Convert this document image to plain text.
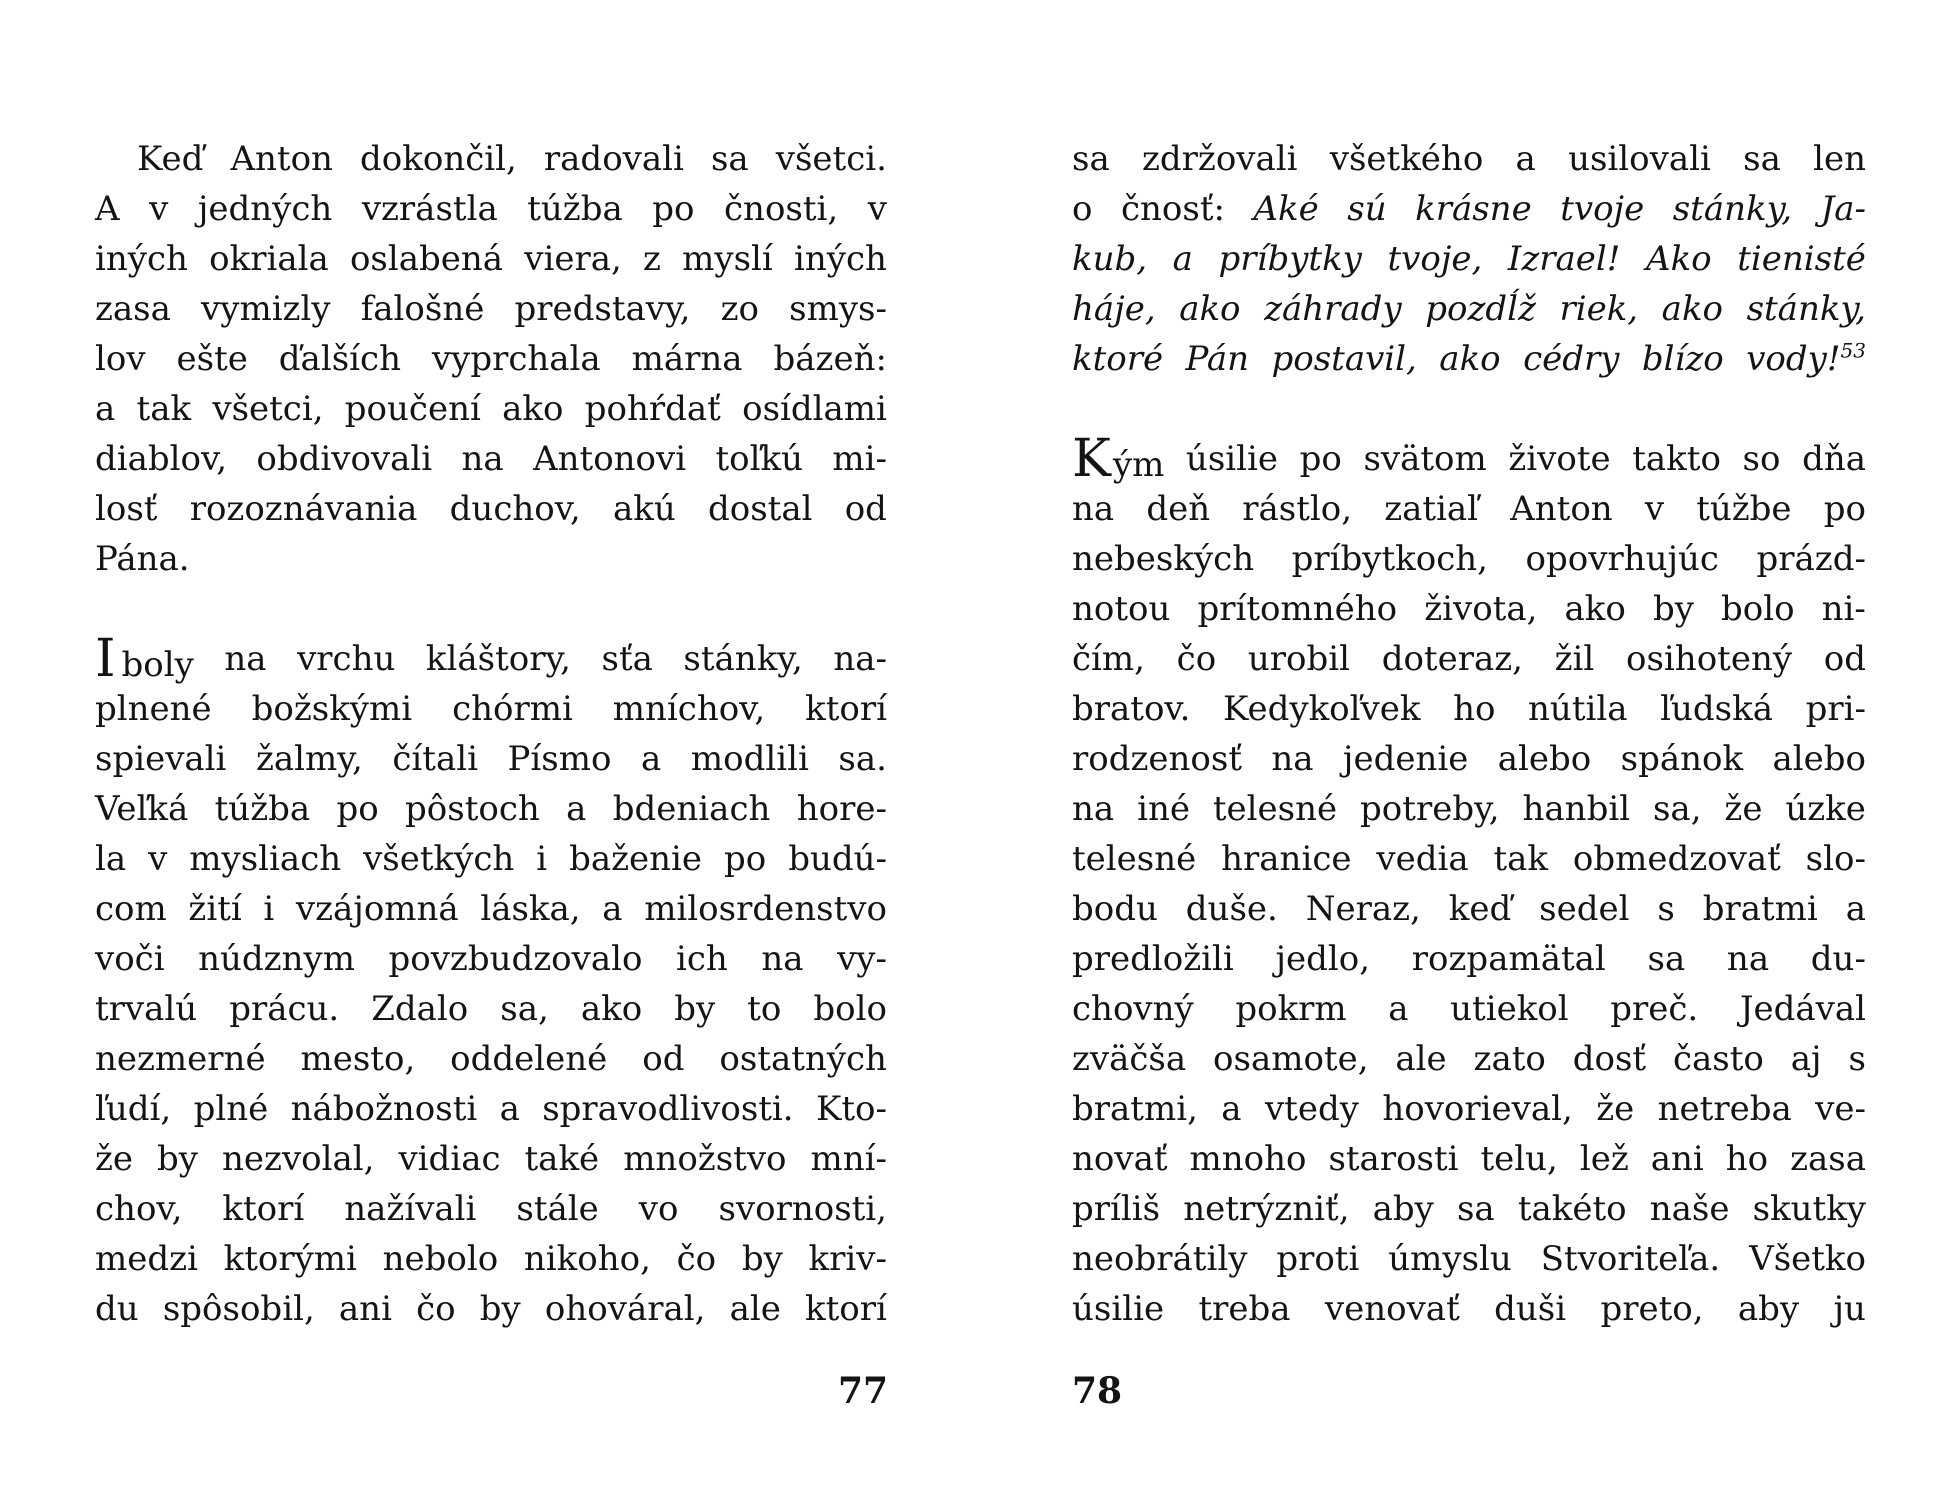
Keď Anton dokončil, radovali sa všetci.
A v jedných vzrástla túžba po čnosti, v
iných okriala oslabená viera, z myslí iných
zasa vymizly falošné predstavy, zo smys-
lov ešte ďalších vyprchala márna bázeň:
a tak všetci, poučení ako pohŕdať osídlami
diablov, obdivovali na Antonovi toľkú mi-
losť rozoznávania duchov, akú dostal od
Pána.
Iboly na vrchu kláštory, sťa stánky, na-
plnené božskými chórmi mníchov, ktorí
spievali žalmy, čítali Písmo a modlili sa.
Veľká túžba po pôstoch a bdeniach hore-
la v mysliach všetkých i baženie po budú-
com žití i vzájomná láska, a milosrdenstvo
voči núdznym povzbudzovalo ich na vy-
trvalú prácu. Zdalo sa, ako by to bolo
nezmerné mesto, oddelené od ostatných
ľudí, plné nábožnosti a spravodlivosti. Kto-
že by nezvolal, vidiac také množstvo mní-
chov, ktorí nažívali stále vo svornosti,
medzi ktorými nebolo nikoho, čo by kriv-
du spôsobil, ani čo by ohováral, ale ktorí
sa zdržovali všetkého a usilovali sa len
o čnosť: Aké sú krásne tvoje stánky, Ja-
kub, a príbytky tvoje, Izrael! Ako tienisté
háje, ako záhrady pozdĺž riek, ako stánky,
ktoré Pán postavil, ako cédry blízo vody!$^{53}$
Kým úsilie po svätom živote takto so dňa
na deň rástlo, zatiaľ Anton v túžbe po
nebeských príbytkoch, opovrhujúc prázd-
notou prítomného života, ako by bolo ni-
čím, čo urobil doteraz, žil osihotený od
bratov. Kedykoľvek ho nútila ľudská pri-
rodzenosť na jedenie alebo spánok alebo
na iné telesné potreby, hanbil sa, že úzke
telesné hranice vedia tak obmedzovať slo-
bodu duše. Neraz, keď sedel s bratmi a
predložili jedlo, rozpamätal sa na du-
chovný pokrm a utiekol preč. Jedával
zväčša osamote, ale zato dosť často aj s
bratmi, a vtedy hovorieval, že netreba ve-
novať mnoho starosti telu, lež ani ho zasa
príliš netrýzniť, aby sa takéto naše skutky
neobrátily proti úmyslu Stvoriteľa. Všetko
úsilie treba venovať duši preto, aby ju
77	78
